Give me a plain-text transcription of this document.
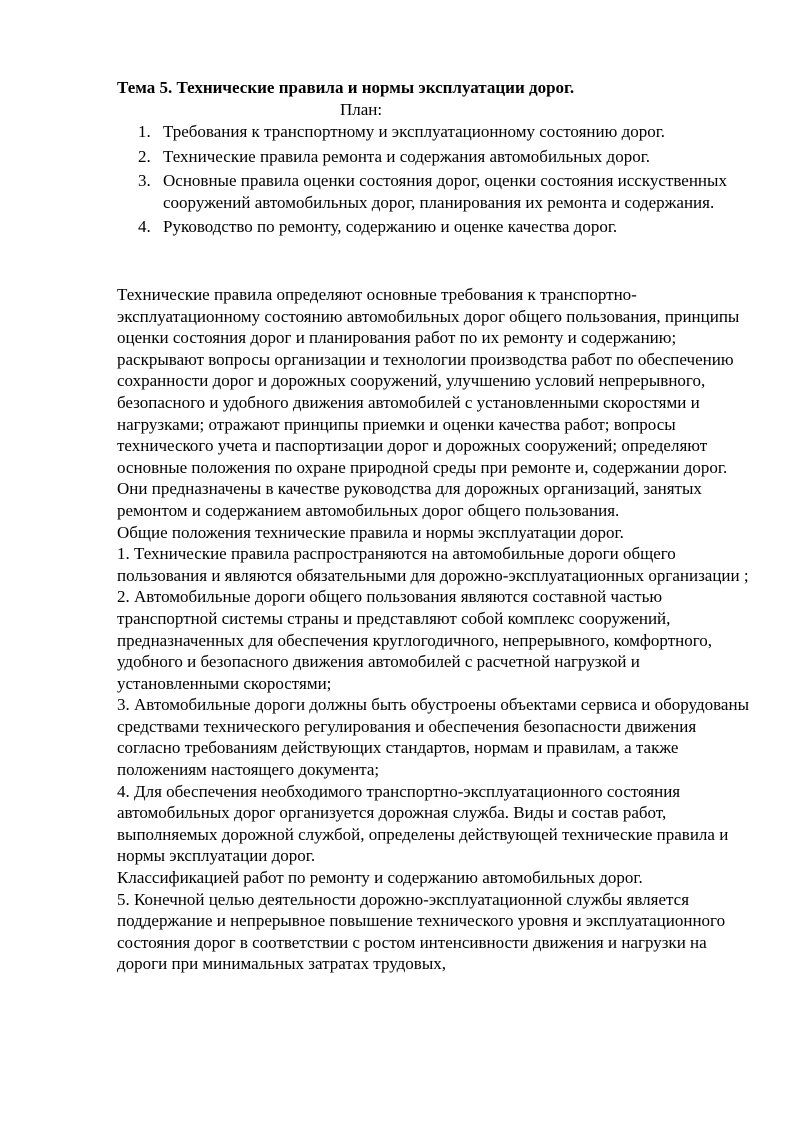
Тема 5. Технические правила и нормы эксплуатации дорог.
План:
1. Требования к транспортному и эксплуатационному состоянию дорог.
2. Технические правила ремонта и содержания автомобильных дорог.
3. Основные правила оценки состояния дорог, оценки состояния исскуственных сооружений автомобильных дорог, планирования их ремонта и содержания.
4. Руководство по ремонту, содержанию и оценке качества дорог.

Технические правила определяют основные требования к транспортно-эксплуатационному состоянию автомобильных дорог общего пользования, принципы оценки состояния дорог и планирования работ по их ремонту и содержанию; раскрывают вопросы организации и технологии производства работ по обеспечению сохранности дорог и дорожных сооружений, улучшению условий непрерывного, безопасного и удобного движения автомобилей с установленными скоростями и нагрузками; отражают принципы приемки и оценки качества работ; вопросы технического учета и паспортизации дорог и дорожных сооружений; определяют основные положения по охране природной среды при ремонте и, содержании дорог. Они предназначены в качестве руководства для дорожных организаций, занятых ремонтом и содержанием автомобильных дорог общего пользования.

Общие положения технические правила и нормы эксплуатации дорог.

1. Технические правила распространяются на автомобильные дороги общего пользования и являются обязательными для дорожно-эксплуатационных организации ;

2. Автомобильные дороги общего пользования являются составной частью транспортной системы страны и представляют собой комплекс сооружений, предназначенных для обеспечения круглогодичного, непрерывного, комфортного, удобного и безопасного движения автомобилей с расчетной нагрузкой и установленными скоростями;

3. Автомобильные дороги должны быть обустроены объектами сервиса и оборудованы средствами технического регулирования и обеспечения безопасности движения согласно требованиям действующих стандартов, нормам и правилам, а также положениям настоящего документа;

4. Для обеспечения необходимого транспортно-эксплуатационного состояния автомобильных дорог организуется дорожная служба. Виды и состав работ, выполняемых дорожной службой, определены действующей технические правила и нормы эксплуатации дорог.

Классификацией работ по ремонту и содержанию автомобильных дорог.

5. Конечной целью деятельности дорожно-эксплуатационной службы является поддержание и непрерывное повышение технического уровня и эксплуатационного состояния дорог в соответствии с ростом интенсивности движения и нагрузки на дороги при минимальных затратах трудовых,
